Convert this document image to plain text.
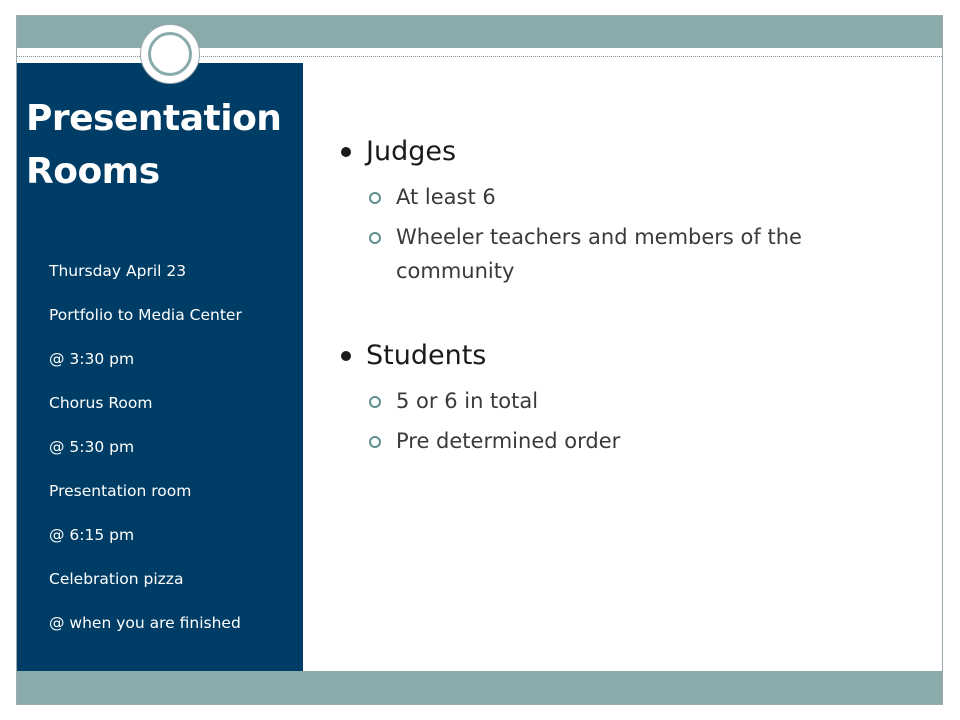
Presentation Rooms
Thursday April 23
Portfolio to Media Center
@ 3:30 pm
Chorus Room
@ 5:30 pm
Presentation room
@ 6:15 pm
Celebration pizza
@ when you are finished
Judges
At least 6
Wheeler teachers and members of the community
Students
5 or 6 in total
Pre determined order
